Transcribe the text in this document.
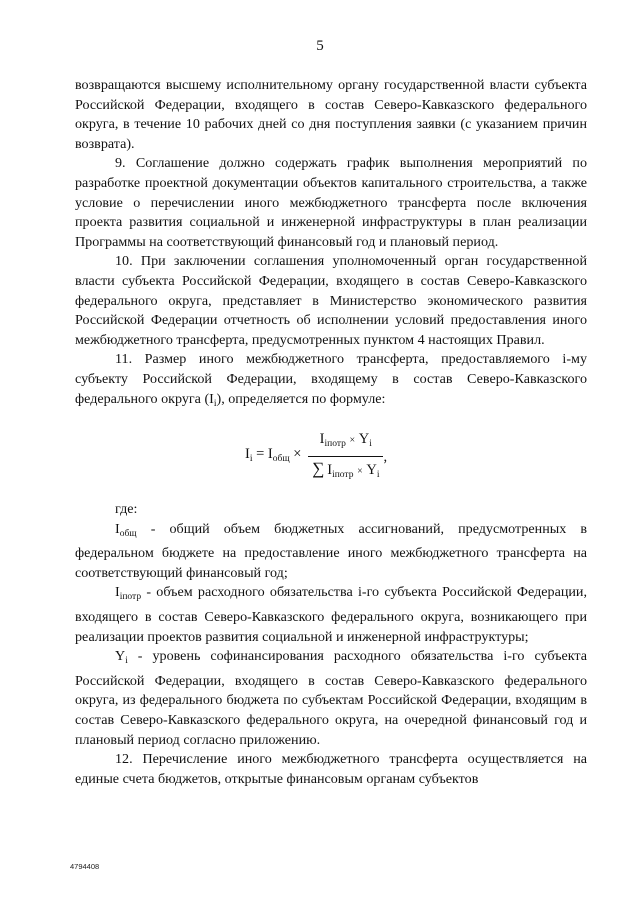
5

возвращаются высшему исполнительному органу государственной власти субъекта Российской Федерации, входящего в состав Северо-Кавказского федерального округа, в течение 10 рабочих дней со дня поступления заявки (с указанием причин возврата).

9. Соглашение должно содержать график выполнения мероприятий по разработке проектной документации объектов капитального строительства, а также условие о перечислении иного межбюджетного трансферта после включения проекта развития социальной и инженерной инфраструктуры в план реализации Программы на соответствующий финансовый год и плановый период.

10. При заключении соглашения уполномоченный орган государственной власти субъекта Российской Федерации, входящего в состав Северо-Кавказского федерального округа, представляет в Министерство экономического развития Российской Федерации отчетность об исполнении условий предоставления иного межбюджетного трансферта, предусмотренных пунктом 4 настоящих Правил.

11. Размер иного межбюджетного трансферта, предоставляемого i-му субъекту Российской Федерации, входящему в состав Северо-Кавказского федерального округа $(I_i)$, определяется по формуле:

$I_i = I_{общ} \times \frac{I_{iпотр} \times Y_i}{\sum I_{iпотр} \times Y_i}$ ,

где:

$I_{общ}$ - общий объем бюджетных ассигнований, предусмотренных в федеральном бюджете на предоставление иного межбюджетного трансферта на соответствующий финансовый год;

$I_{iпотр}$ - объем расходного обязательства i-го субъекта Российской Федерации, входящего в состав Северо-Кавказского федерального округа, возникающего при реализации проектов развития социальной и инженерной инфраструктуры;

$Y_i$ - уровень софинансирования расходного обязательства i-го субъекта Российской Федерации, входящего в состав Северо-Кавказского федерального округа, из федерального бюджета по субъектам Российской Федерации, входящим в состав Северо-Кавказского федерального округа, на очередной финансовый год и плановый период согласно приложению.

12. Перечисление иного межбюджетного трансферта осуществляется на единые счета бюджетов, открытые финансовым органам субъектов

4794408
